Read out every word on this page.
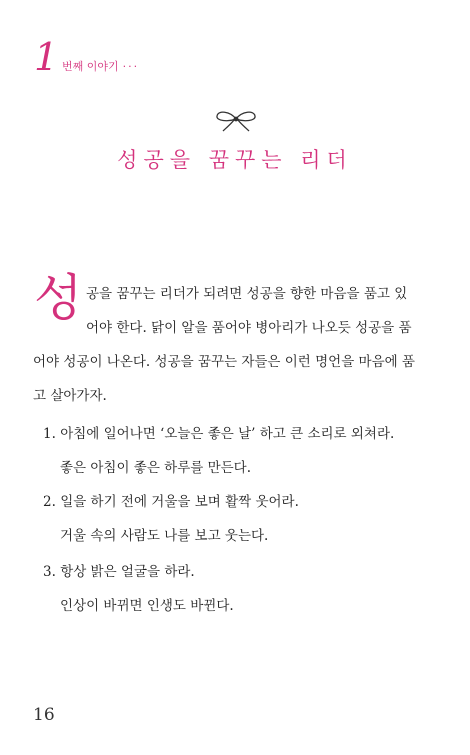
1 번째 이야기 ···
성공을 꿈꾸는 리더
성 공을 꿈꾸는 리더가 되려면 성공을 향한 마음을 품고 있
어야 한다. 닭이 알을 품어야 병아리가 나오듯 성공을 품
어야 성공이 나온다. 성공을 꿈꾸는 자들은 이런 명언을 마음에 품
고 살아가자.
1. 아침에 일어나면 ‘오늘은 좋은 날’ 하고 큰 소리로 외쳐라.
좋은 아침이 좋은 하루를 만든다.
2. 일을 하기 전에 거울을 보며 활짝 웃어라.
거울 속의 사람도 나를 보고 웃는다.
3. 항상 밝은 얼굴을 하라.
인상이 바뀌면 인생도 바뀐다.
16
